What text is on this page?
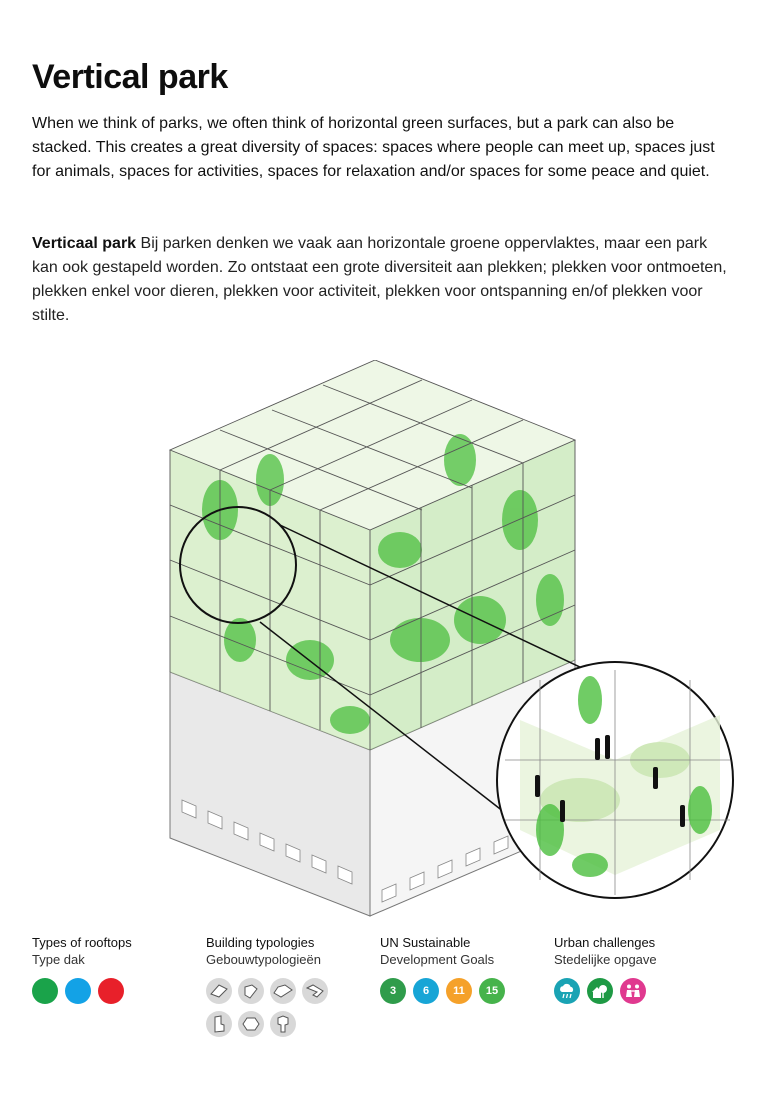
Vertical park

When we think of parks, we often think of horizontal green surfaces, but a park can also be stacked. This creates a great diversity of spaces: spaces where people can meet up, spaces just for animals, spaces for activities, spaces for relaxation and/or spaces for some peace and quiet.

Verticaal park Bij parken denken we vaak aan horizontale groene oppervlaktes, maar een park kan ook gestapeld worden. Zo ontstaat een grote diversiteit aan plekken; plekken voor ontmoeten, plekken enkel voor dieren, plekken voor activiteit, plekken voor ontspanning en/of plekken voor stilte.

Types of rooftops
Type dak
Building typologies
Gebouwtypologieën
UN Sustainable
Development Goals
3	6	11	15
Urban challenges
Stedelijke opgave
